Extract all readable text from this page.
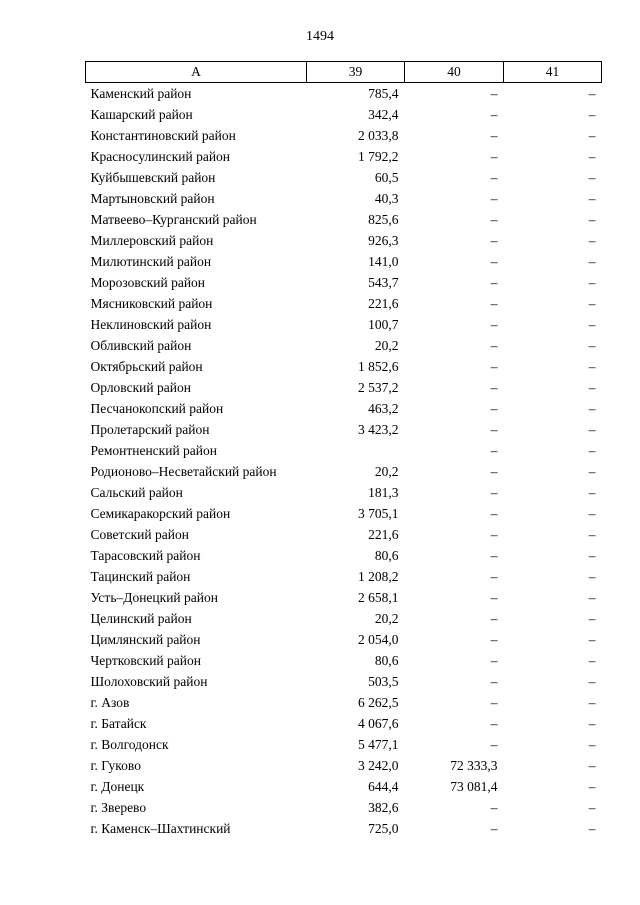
1494
А	39	40	41
Каменский район	785,4	–	–
Кашарский район	342,4	–	–
Константиновский район	2 033,8	–	–
Красносулинский район	1 792,2	–	–
Куйбышевский район	60,5	–	–
Мартыновский район	40,3	–	–
Матвеево–Курганский район	825,6	–	–
Миллеровский район	926,3	–	–
Милютинский район	141,0	–	–
Морозовский район	543,7	–	–
Мясниковский район	221,6	–	–
Неклиновский район	100,7	–	–
Обливский район	20,2	–	–
Октябрьский район	1 852,6	–	–
Орловский район	2 537,2	–	–
Песчанокопский район	463,2	–	–
Пролетарский район	3 423,2	–	–
Ремонтненский район		–	–
Родионово–Несветайский район	20,2	–	–
Сальский район	181,3	–	–
Семикаракорский район	3 705,1	–	–
Советский район	221,6	–	–
Тарасовский район	80,6	–	–
Тацинский район	1 208,2	–	–
Усть–Донецкий район	2 658,1	–	–
Целинский район	20,2	–	–
Цимлянский район	2 054,0	–	–
Чертковский район	80,6	–	–
Шолоховский район	503,5	–	–
г. Азов	6 262,5	–	–
г. Батайск	4 067,6	–	–
г. Волгодонск	5 477,1	–	–
г. Гуково	3 242,0	72 333,3	–
г. Донецк	644,4	73 081,4	–
г. Зверево	382,6	–	–
г. Каменск–Шахтинский	725,0	–	–
